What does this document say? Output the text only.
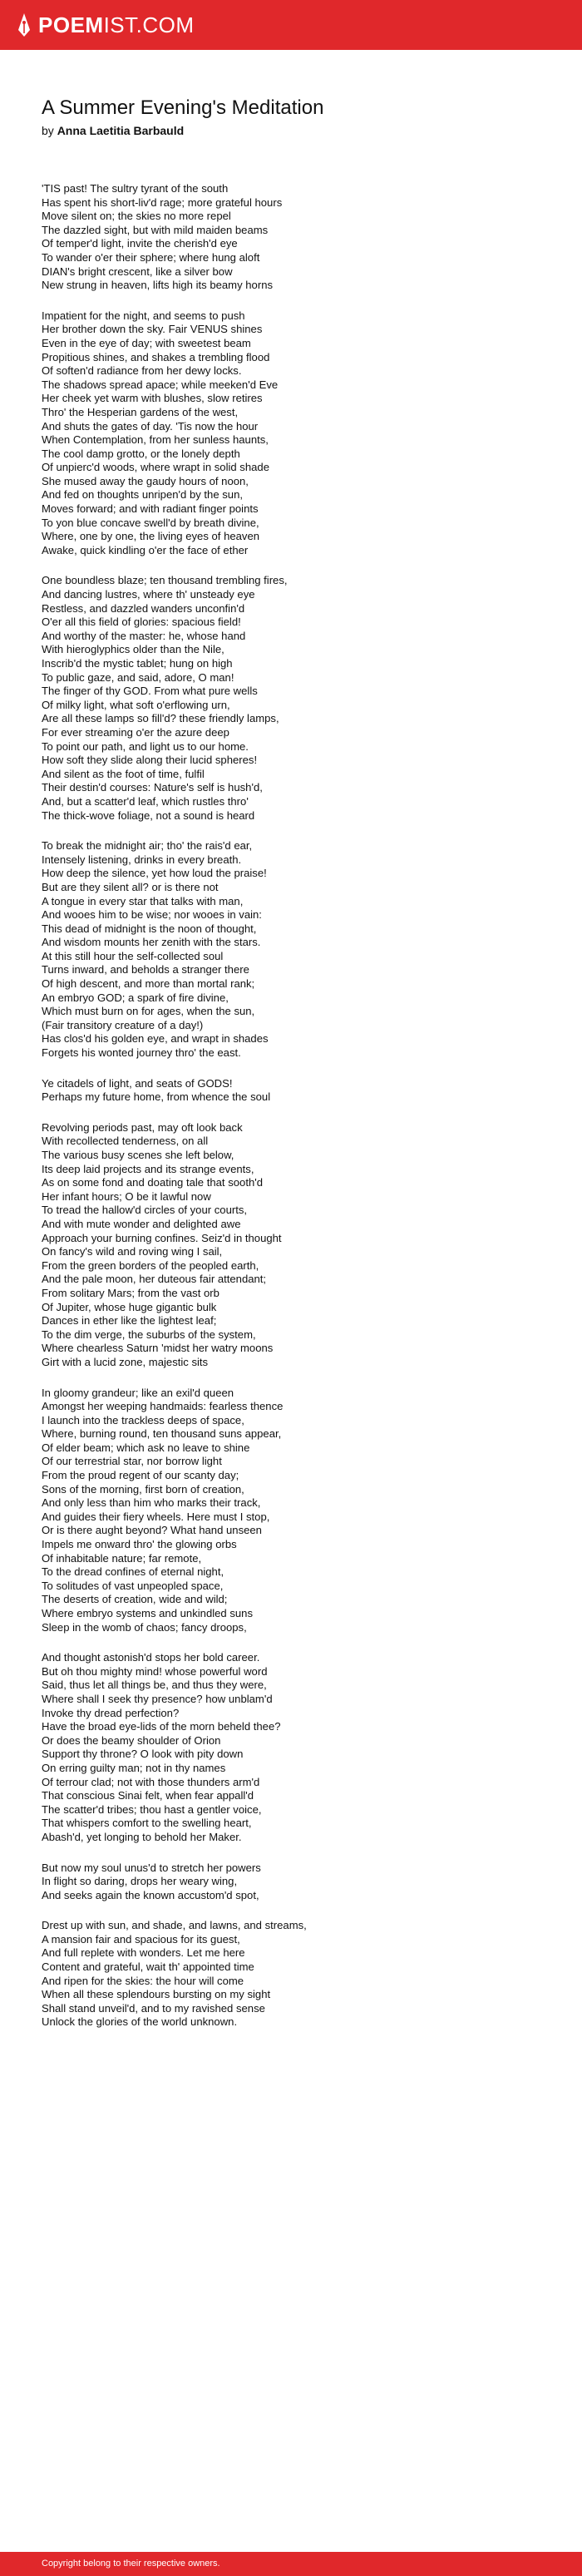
POEMIST.COM
A Summer Evening's Meditation
by Anna Laetitia Barbauld
'TIS past! The sultry tyrant of the south
Has spent his short-liv'd rage; more grateful hours
Move silent on; the skies no more repel
The dazzled sight, but with mild maiden beams
Of temper'd light, invite the cherish'd eye
To wander o'er their sphere; where hung aloft
DIAN's bright crescent, like a silver bow
New strung in heaven, lifts high its beamy horns
Impatient for the night, and seems to push
Her brother down the sky. Fair VENUS shines
Even in the eye of day; with sweetest beam
Propitious shines, and shakes a trembling flood
Of soften'd radiance from her dewy locks.
The shadows spread apace; while meeken'd Eve
Her cheek yet warm with blushes, slow retires
Thro' the Hesperian gardens of the west,
And shuts the gates of day. 'Tis now the hour
When Contemplation, from her sunless haunts,
The cool damp grotto, or the lonely depth
Of unpierc'd woods, where wrapt in solid shade
She mused away the gaudy hours of noon,
And fed on thoughts unripen'd by the sun,
Moves forward; and with radiant finger points
To yon blue concave swell'd by breath divine,
Where, one by one, the living eyes of heaven
Awake, quick kindling o'er the face of ether
One boundless blaze; ten thousand trembling fires,
And dancing lustres, where th' unsteady eye
Restless, and dazzled wanders unconfin'd
O'er all this field of glories: spacious field!
And worthy of the master: he, whose hand
With hieroglyphics older than the Nile,
Inscrib'd the mystic tablet; hung on high
To public gaze, and said, adore, O man!
The finger of thy GOD. From what pure wells
Of milky light, what soft o'erflowing urn,
Are all these lamps so fill'd? these friendly lamps,
For ever streaming o'er the azure deep
To point our path, and light us to our home.
How soft they slide along their lucid spheres!
And silent as the foot of time, fulfil
Their destin'd courses: Nature's self is hush'd,
And, but a scatter'd leaf, which rustles thro'
The thick-wove foliage, not a sound is heard
To break the midnight air; tho' the rais'd ear,
Intensely listening, drinks in every breath.
How deep the silence, yet how loud the praise!
But are they silent all? or is there not
A tongue in every star that talks with man,
And wooes him to be wise; nor wooes in vain:
This dead of midnight is the noon of thought,
And wisdom mounts her zenith with the stars.
At this still hour the self-collected soul
Turns inward, and beholds a stranger there
Of high descent, and more than mortal rank;
An embryo GOD; a spark of fire divine,
Which must burn on for ages, when the sun,
(Fair transitory creature of a day!)
Has clos'd his golden eye, and wrapt in shades
Forgets his wonted journey thro' the east.
Ye citadels of light, and seats of GODS!
Perhaps my future home, from whence the soul
Revolving periods past, may oft look back
With recollected tenderness, on all
The various busy scenes she left below,
Its deep laid projects and its strange events,
As on some fond and doating tale that sooth'd
Her infant hours; O be it lawful now
To tread the hallow'd circles of your courts,
And with mute wonder and delighted awe
Approach your burning confines. Seiz'd in thought
On fancy's wild and roving wing I sail,
From the green borders of the peopled earth,
And the pale moon, her duteous fair attendant;
From solitary Mars; from the vast orb
Of Jupiter, whose huge gigantic bulk
Dances in ether like the lightest leaf;
To the dim verge, the suburbs of the system,
Where chearless Saturn 'midst her watry moons
Girt with a lucid zone, majestic sits
In gloomy grandeur; like an exil'd queen
Amongst her weeping handmaids: fearless thence
I launch into the trackless deeps of space,
Where, burning round, ten thousand suns appear,
Of elder beam; which ask no leave to shine
Of our terrestrial star, nor borrow light
From the proud regent of our scanty day;
Sons of the morning, first born of creation,
And only less than him who marks their track,
And guides their fiery wheels. Here must I stop,
Or is there aught beyond? What hand unseen
Impels me onward thro' the glowing orbs
Of inhabitable nature; far remote,
To the dread confines of eternal night,
To solitudes of vast unpeopled space,
The deserts of creation, wide and wild;
Where embryo systems and unkindled suns
Sleep in the womb of chaos; fancy droops,
And thought astonish'd stops her bold career.
But oh thou mighty mind! whose powerful word
Said, thus let all things be, and thus they were,
Where shall I seek thy presence? how unblam'd
Invoke thy dread perfection?
Have the broad eye-lids of the morn beheld thee?
Or does the beamy shoulder of Orion
Support thy throne? O look with pity down
On erring guilty man; not in thy names
Of terrour clad; not with those thunders arm'd
That conscious Sinai felt, when fear appall'd
The scatter'd tribes; thou hast a gentler voice,
That whispers comfort to the swelling heart,
Abash'd, yet longing to behold her Maker.
But now my soul unus'd to stretch her powers
In flight so daring, drops her weary wing,
And seeks again the known accustom'd spot,
Drest up with sun, and shade, and lawns, and streams,
A mansion fair and spacious for its guest,
And full replete with wonders. Let me here
Content and grateful, wait th' appointed time
And ripen for the skies: the hour will come
When all these splendours bursting on my sight
Shall stand unveil'd, and to my ravished sense
Unlock the glories of the world unknown.
Copyright belong to their respective owners.
